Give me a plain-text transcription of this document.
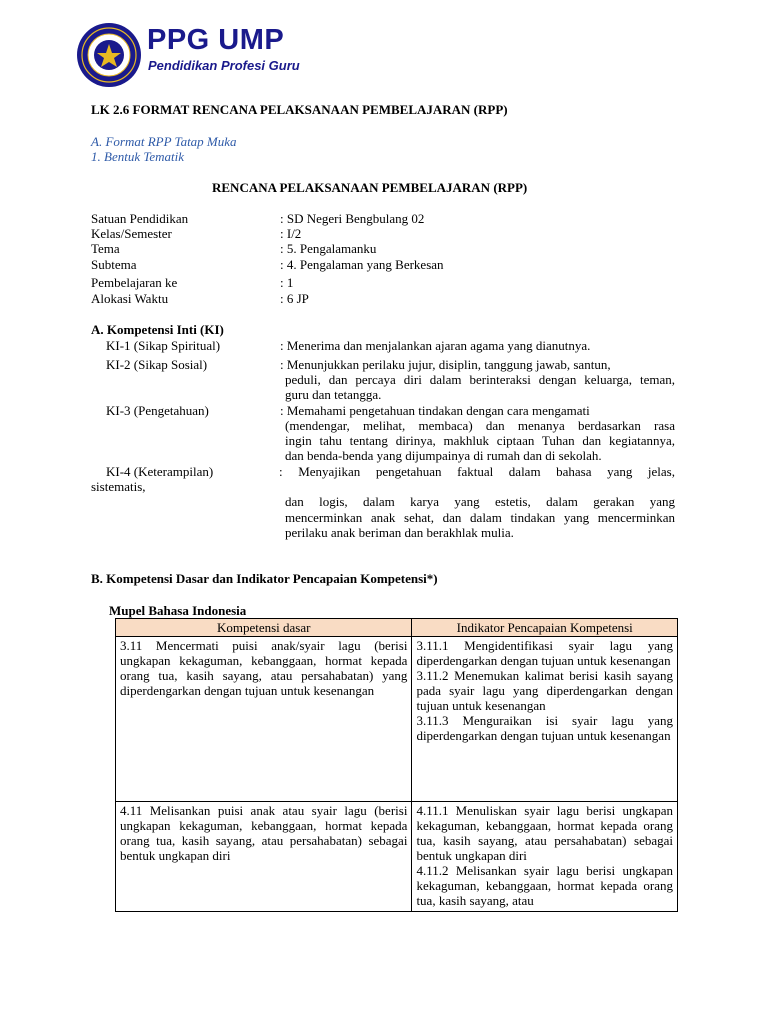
PPG UMP
Pendidikan Profesi Guru
LK 2.6 FORMAT RENCANA PELAKSANAAN PEMBELAJARAN (RPP)
A. Format RPP Tatap Muka
1. Bentuk Tematik
RENCANA PELAKSANAAN PEMBELAJARAN (RPP)
Satuan Pendidikan	: SD Negeri Bengbulang 02
Kelas/Semester	: I/2
Tema	: 5. Pengalamanku
Subtema	: 4. Pengalaman yang Berkesan
Pembelajaran ke	: 1
Alokasi Waktu	: 6 JP
A. Kompetensi Inti (KI)
KI-1 (Sikap Spiritual)	: Menerima dan menjalankan ajaran agama yang dianutnya.
KI-2 (Sikap Sosial)	: Menunjukkan perilaku jujur, disiplin, tanggung jawab, santun,
peduli, dan percaya diri dalam berinteraksi dengan keluarga, teman,
guru dan tetangga.
KI-3 (Pengetahuan)	: Memahami pengetahuan tindakan dengan cara mengamati
(mendengar, melihat, membaca) dan menanya berdasarkan rasa
ingin tahu tentang dirinya, makhluk ciptaan Tuhan dan kegiatannya,
dan benda-benda yang dijumpainya di rumah dan di sekolah.
KI-4 (Keterampilan)	: Menyajikan pengetahuan faktual dalam bahasa yang jelas,
sistematis,
dan logis, dalam karya yang estetis, dalam gerakan yang
mencerminkan anak sehat, dan dalam tindakan yang mencerminkan
perilaku anak beriman dan berakhlak mulia.
B. Kompetensi Dasar dan Indikator Pencapaian Kompetensi*)
Mupel Bahasa Indonesia
Kompetensi dasar	Indikator Pencapaian Kompetensi
3.11 Mencermati puisi anak/syair lagu (berisi ungkapan kekaguman, kebanggaan, hormat kepada orang tua, kasih sayang, atau persahabatan) yang diperdengarkan dengan tujuan untuk kesenangan	3.11.1 Mengidentifikasi syair lagu yang diperdengarkan dengan tujuan untuk kesenangan
3.11.2 Menemukan kalimat berisi kasih sayang pada syair lagu yang diperdengarkan dengan tujuan untuk kesenangan
3.11.3 Menguraikan isi syair lagu yang diperdengarkan dengan tujuan untuk kesenangan

4.11 Melisankan puisi anak atau syair lagu (berisi ungkapan kekaguman, kebanggaan, hormat kepada orang tua, kasih sayang, atau persahabatan) sebagai bentuk ungkapan diri	4.11.1 Menuliskan syair lagu berisi ungkapan kekaguman, kebanggaan, hormat kepada orang tua, kasih sayang, atau persahabatan) sebagai bentuk ungkapan diri
4.11.2 Melisankan syair lagu berisi ungkapan kekaguman, kebanggaan, hormat kepada orang tua, kasih sayang, atau
